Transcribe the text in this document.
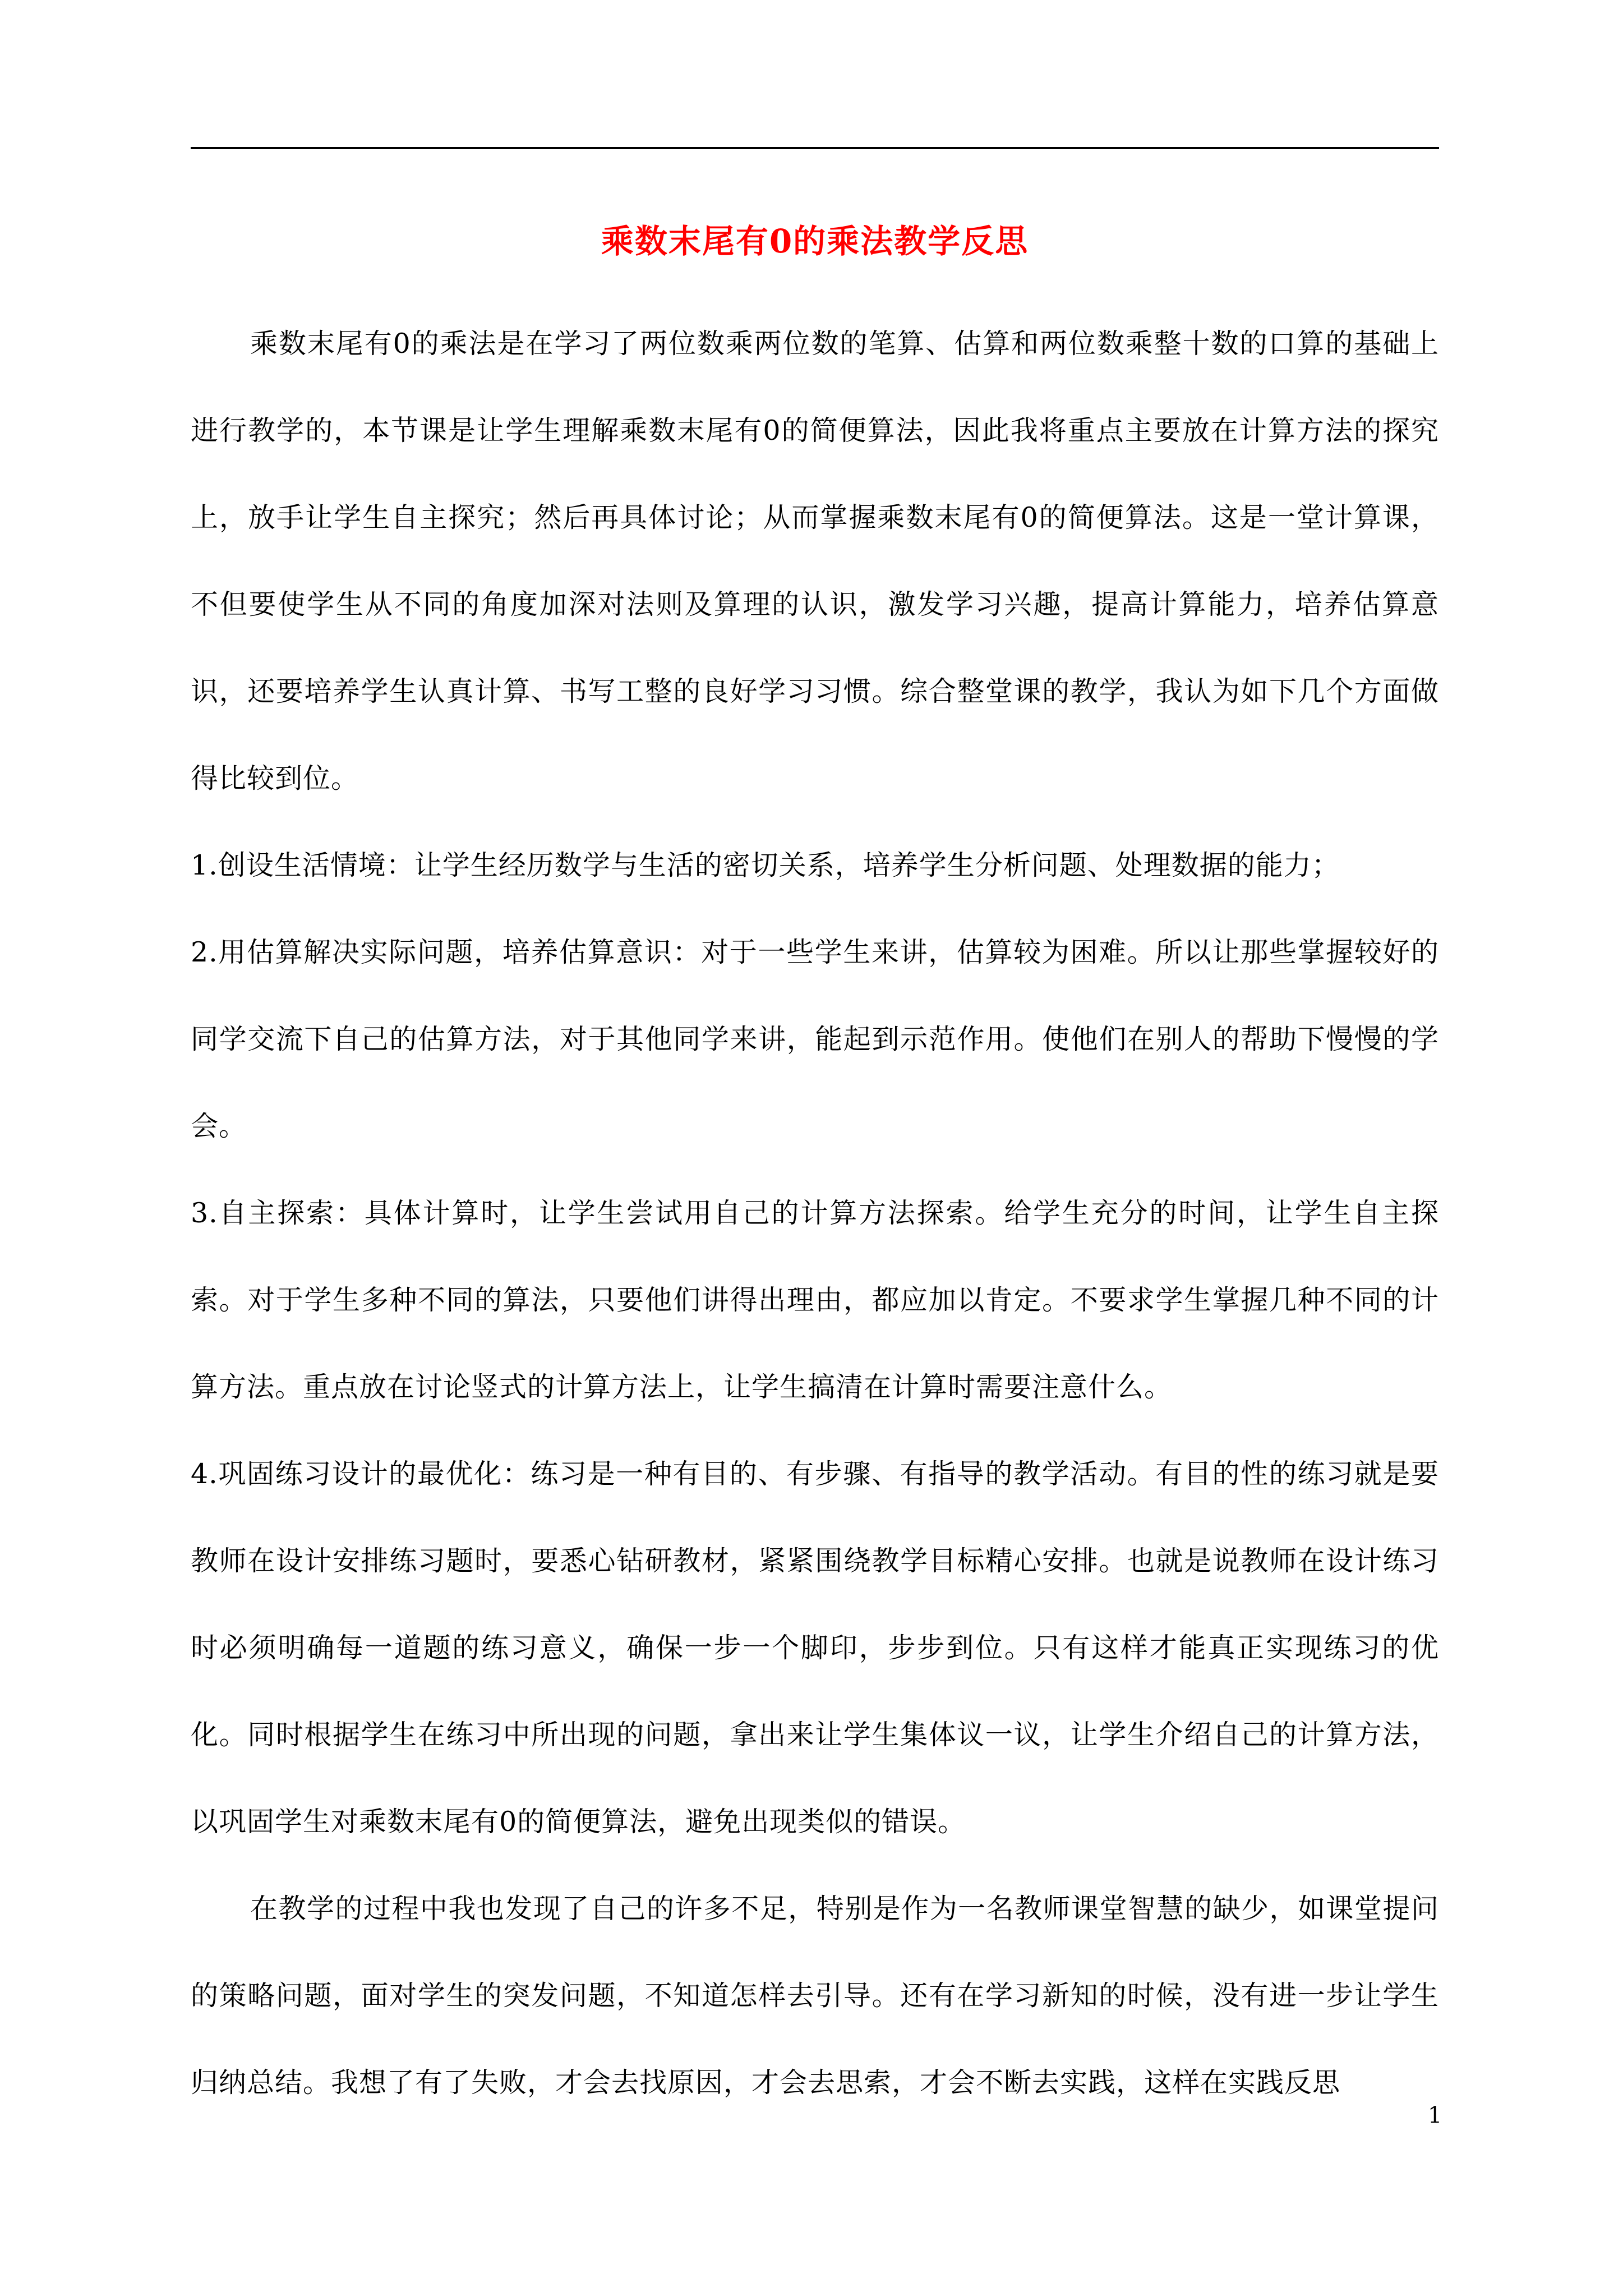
乘数末尾有0的乘法教学反思

乘数末尾有0的乘法是在学习了两位数乘两位数的笔算、估算和两位数乘整十数的口算的基础上进行教学的，本节课是让学生理解乘数末尾有0的简便算法，因此我将重点主要放在计算方法的探究上，放手让学生自主探究；然后再具体讨论；从而掌握乘数末尾有0的简便算法。这是一堂计算课，不但要使学生从不同的角度加深对法则及算理的认识，激发学习兴趣，提高计算能力，培养估算意识，还要培养学生认真计算、书写工整的良好学习习惯。综合整堂课的教学，我认为如下几个方面做得比较到位。

1.创设生活情境：让学生经历数学与生活的密切关系，培养学生分析问题、处理数据的能力；

2.用估算解决实际问题，培养估算意识：对于一些学生来讲，估算较为困难。所以让那些掌握较好的同学交流下自己的估算方法，对于其他同学来讲，能起到示范作用。使他们在别人的帮助下慢慢的学会。

3.自主探索：具体计算时，让学生尝试用自己的计算方法探索。给学生充分的时间，让学生自主探索。对于学生多种不同的算法，只要他们讲得出理由，都应加以肯定。不要求学生掌握几种不同的计算方法。重点放在讨论竖式的计算方法上，让学生搞清在计算时需要注意什么。

4.巩固练习设计的最优化：练习是一种有目的、有步骤、有指导的教学活动。有目的性的练习就是要教师在设计安排练习题时，要悉心钻研教材，紧紧围绕教学目标精心安排。也就是说教师在设计练习时必须明确每一道题的练习意义，确保一步一个脚印，步步到位。只有这样才能真正实现练习的优化。同时根据学生在练习中所出现的问题，拿出来让学生集体议一议，让学生介绍自己的计算方法，以巩固学生对乘数末尾有0的简便算法，避免出现类似的错误。

在教学的过程中我也发现了自己的许多不足，特别是作为一名教师课堂智慧的缺少，如课堂提问的策略问题，面对学生的突发问题，不知道怎样去引导。还有在学习新知的时候，没有进一步让学生归纳总结。我想了有了失败，才会去找原因，才会去思索，才会不断去实践，这样在实践反思

1
